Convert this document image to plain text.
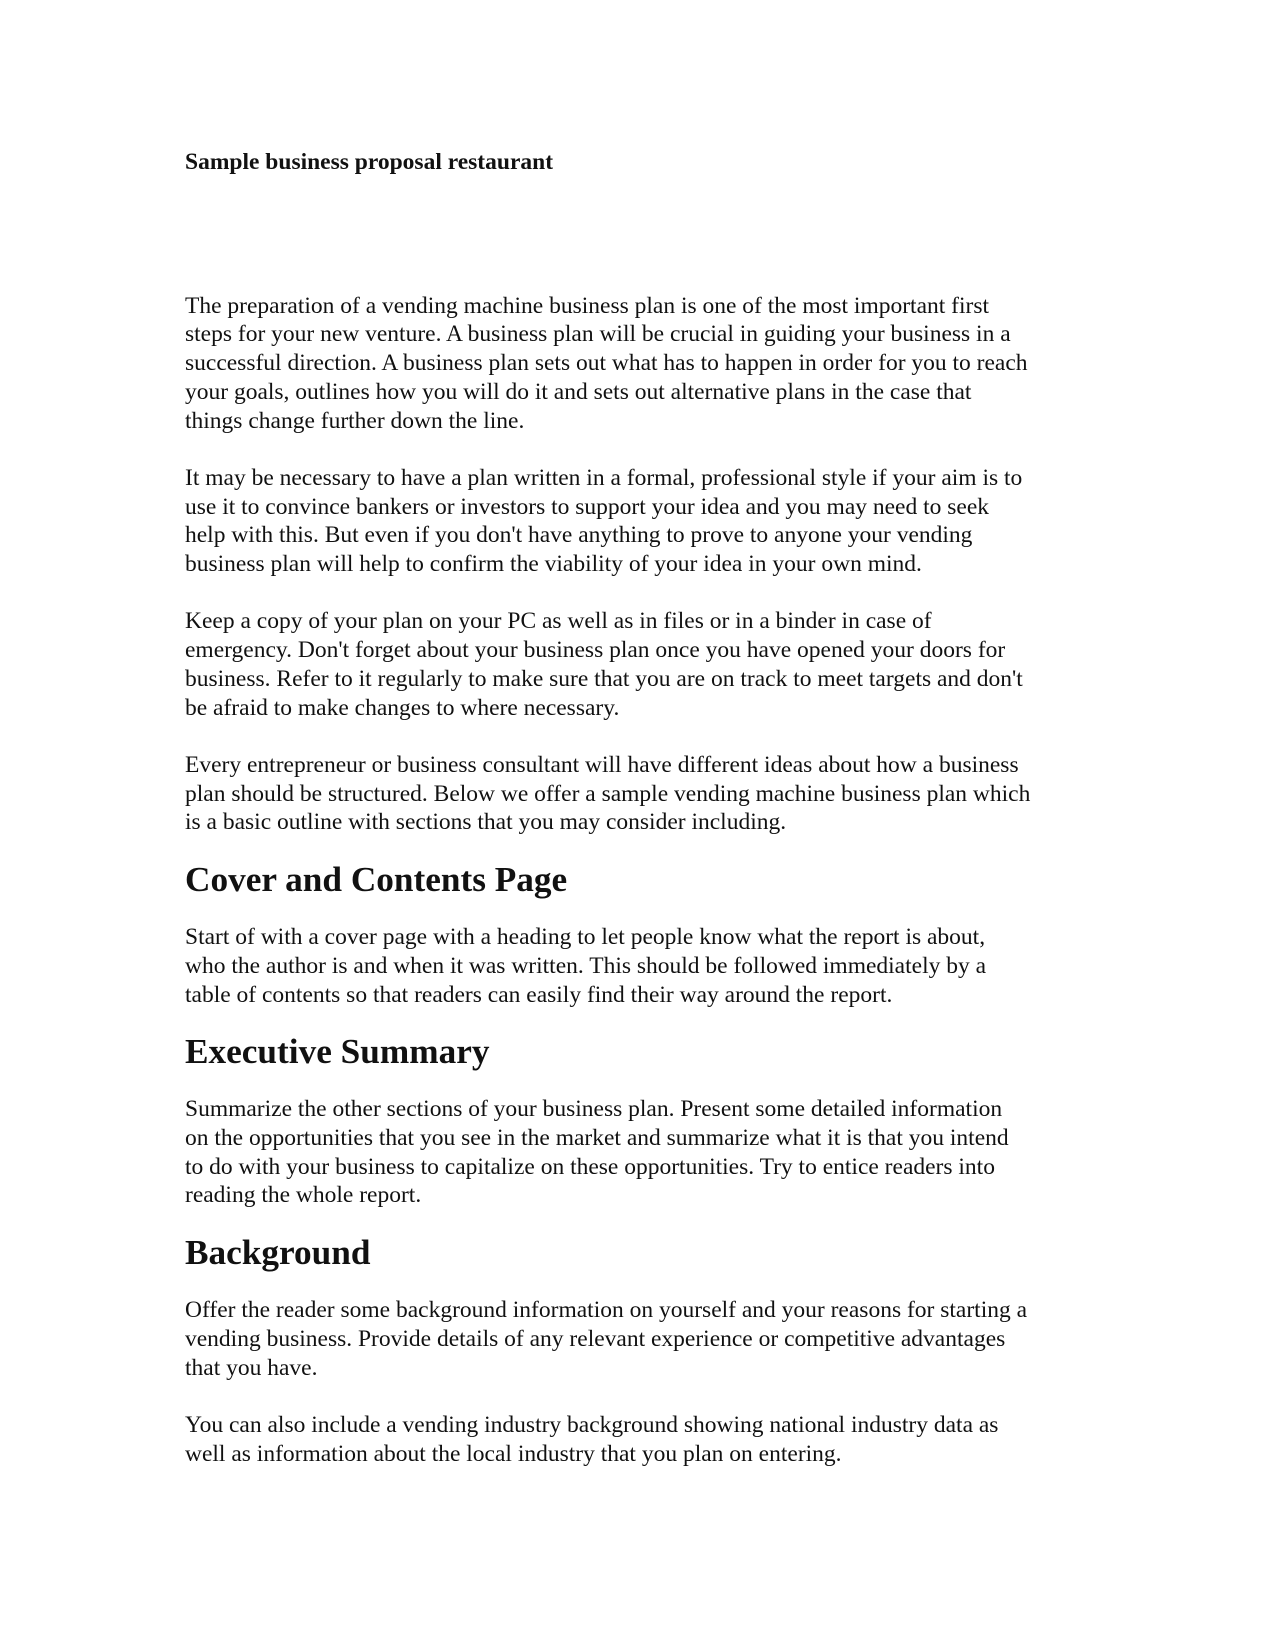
Sample business proposal restaurant

The preparation of a vending machine business plan is one of the most important first
steps for your new venture. A business plan will be crucial in guiding your business in a
successful direction. A business plan sets out what has to happen in order for you to reach
your goals, outlines how you will do it and sets out alternative plans in the case that
things change further down the line.

It may be necessary to have a plan written in a formal, professional style if your aim is to
use it to convince bankers or investors to support your idea and you may need to seek
help with this. But even if you don't have anything to prove to anyone your vending
business plan will help to confirm the viability of your idea in your own mind.

Keep a copy of your plan on your PC as well as in files or in a binder in case of
emergency. Don't forget about your business plan once you have opened your doors for
business. Refer to it regularly to make sure that you are on track to meet targets and don't
be afraid to make changes to where necessary.

Every entrepreneur or business consultant will have different ideas about how a business
plan should be structured. Below we offer a sample vending machine business plan which
is a basic outline with sections that you may consider including.

Cover and Contents Page

Start of with a cover page with a heading to let people know what the report is about,
who the author is and when it was written. This should be followed immediately by a
table of contents so that readers can easily find their way around the report.

Executive Summary

Summarize the other sections of your business plan. Present some detailed information
on the opportunities that you see in the market and summarize what it is that you intend
to do with your business to capitalize on these opportunities. Try to entice readers into
reading the whole report.

Background

Offer the reader some background information on yourself and your reasons for starting a
vending business. Provide details of any relevant experience or competitive advantages
that you have.

You can also include a vending industry background showing national industry data as
well as information about the local industry that you plan on entering.
